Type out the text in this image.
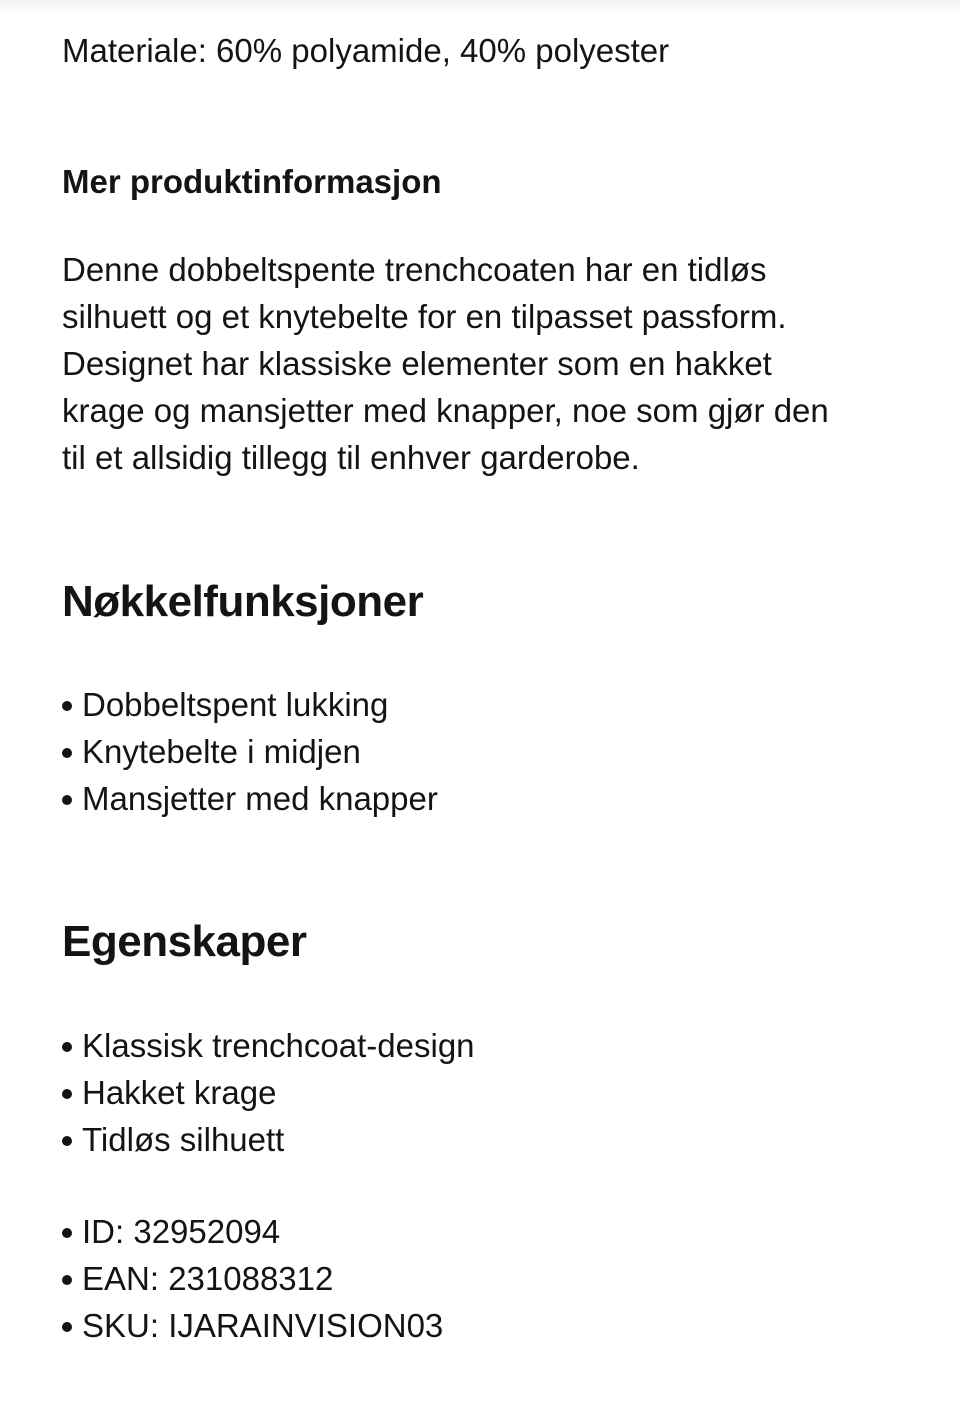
Materiale: 60% polyamide, 40% polyester
Mer produktinformasjon

Denne dobbeltspente trenchcoaten har en tidløs
silhuett og et knytebelte for en tilpasset passform.
Designet har klassiske elementer som en hakket
krage og mansjetter med knapper, noe som gjør den
til et allsidig tillegg til enhver garderobe.

Nøkkelfunksjoner
Dobbeltspent lukking
Knytebelte i midjen
Mansjetter med knapper
Egenskaper
Klassisk trenchcoat-design
Hakket krage
Tidløs silhuett
ID: 32952094
EAN: 231088312
SKU: IJARAINVISION03
